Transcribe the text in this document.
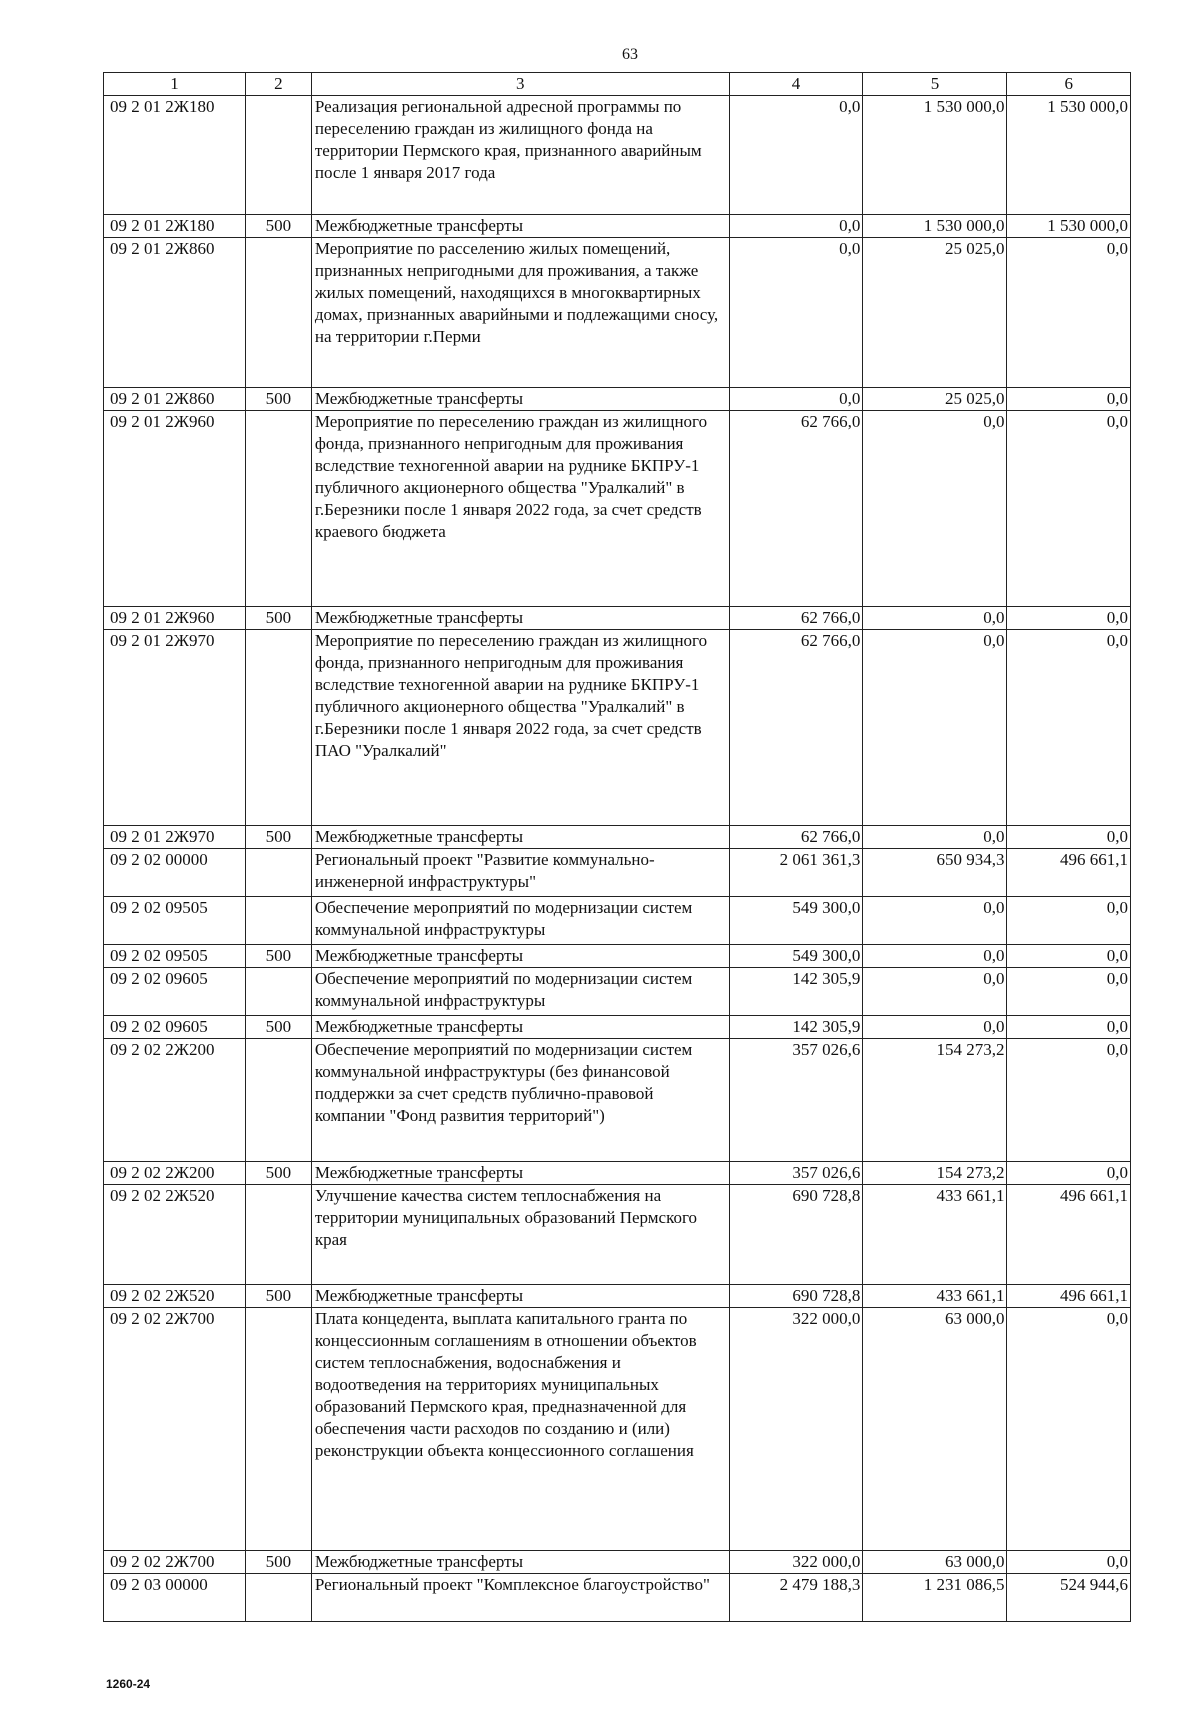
63
1	2	3	4	5	6
09 2 01 2Ж180		Реализация региональной адресной программы по переселению граждан из жилищного фонда на территории Пермского края, признанного аварийным после 1 января 2017 года	0,0	1 530 000,0	1 530 000,0
09 2 01 2Ж180	500	Межбюджетные трансферты	0,0	1 530 000,0	1 530 000,0
09 2 01 2Ж860		Мероприятие по расселению жилых помещений, признанных непригодными для проживания, а также жилых помещений, находящихся в многоквартирных домах, признанных аварийными и подлежащими сносу, на территории г.Перми	0,0	25 025,0	0,0
09 2 01 2Ж860	500	Межбюджетные трансферты	0,0	25 025,0	0,0
09 2 01 2Ж960		Мероприятие по переселению граждан из жилищного фонда, признанного непригодным для проживания вследствие техногенной аварии на руднике БКПРУ-1 публичного акционерного общества "Уралкалий" в г.Березники после 1 января 2022 года, за счет средств краевого бюджета	62 766,0	0,0	0,0
09 2 01 2Ж960	500	Межбюджетные трансферты	62 766,0	0,0	0,0
09 2 01 2Ж970		Мероприятие по переселению граждан из жилищного фонда, признанного непригодным для проживания вследствие техногенной аварии на руднике БКПРУ-1 публичного акционерного общества "Уралкалий" в г.Березники после 1 января 2022 года, за счет средств ПАО "Уралкалий"	62 766,0	0,0	0,0
09 2 01 2Ж970	500	Межбюджетные трансферты	62 766,0	0,0	0,0
09 2 02 00000		Региональный проект "Развитие коммунально-инженерной инфраструктуры"	2 061 361,3	650 934,3	496 661,1
09 2 02 09505		Обеспечение мероприятий по модернизации систем коммунальной инфраструктуры	549 300,0	0,0	0,0
09 2 02 09505	500	Межбюджетные трансферты	549 300,0	0,0	0,0
09 2 02 09605		Обеспечение мероприятий по модернизации систем коммунальной инфраструктуры	142 305,9	0,0	0,0
09 2 02 09605	500	Межбюджетные трансферты	142 305,9	0,0	0,0
09 2 02 2Ж200		Обеспечение мероприятий по модернизации систем коммунальной инфраструктуры (без финансовой поддержки за счет средств публично-правовой компании "Фонд развития территорий")	357 026,6	154 273,2	0,0
09 2 02 2Ж200	500	Межбюджетные трансферты	357 026,6	154 273,2	0,0
09 2 02 2Ж520		Улучшение качества систем теплоснабжения на территории муниципальных образований Пермского края	690 728,8	433 661,1	496 661,1
09 2 02 2Ж520	500	Межбюджетные трансферты	690 728,8	433 661,1	496 661,1
09 2 02 2Ж700		Плата концедента, выплата капитального гранта по концессионным соглашениям в отношении объектов систем теплоснабжения, водоснабжения и водоотведения на территориях муниципальных образований Пермского края, предназначенной для обеспечения части расходов по созданию и (или) реконструкции объекта концессионного соглашения	322 000,0	63 000,0	0,0
09 2 02 2Ж700	500	Межбюджетные трансферты	322 000,0	63 000,0	0,0
09 2 03 00000		Региональный проект "Комплексное благоустройство"	2 479 188,3	1 231 086,5	524 944,6
1260-24
